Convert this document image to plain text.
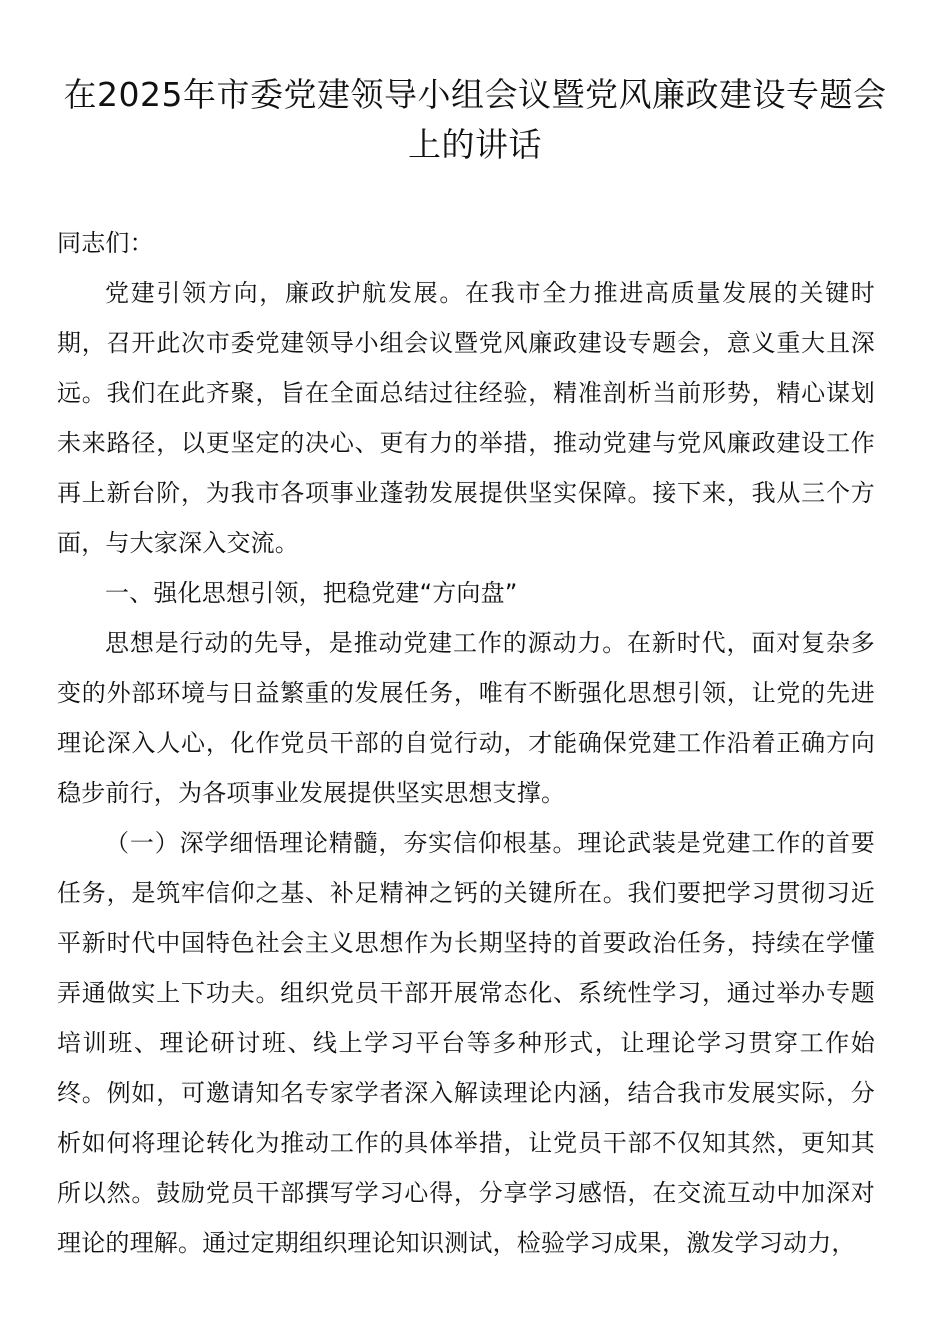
在2025年市委党建领导小组会议暨党风廉政建设专题会上的讲话

同志们：

党建引领方向，廉政护航发展。在我市全力推进高质量发展的关键时期，召开此次市委党建领导小组会议暨党风廉政建设专题会，意义重大且深远。我们在此齐聚，旨在全面总结过往经验，精准剖析当前形势，精心谋划未来路径，以更坚定的决心、更有力的举措，推动党建与党风廉政建设工作再上新台阶，为我市各项事业蓬勃发展提供坚实保障。接下来，我从三个方面，与大家深入交流。

一、强化思想引领，把稳党建“方向盘”

思想是行动的先导，是推动党建工作的源动力。在新时代，面对复杂多变的外部环境与日益繁重的发展任务，唯有不断强化思想引领，让党的先进理论深入人心，化作党员干部的自觉行动，才能确保党建工作沿着正确方向稳步前行，为各项事业发展提供坚实思想支撑。

（一）深学细悟理论精髓，夯实信仰根基。理论武装是党建工作的首要任务，是筑牢信仰之基、补足精神之钙的关键所在。我们要把学习贯彻习近平新时代中国特色社会主义思想作为长期坚持的首要政治任务，持续在学懂弄通做实上下功夫。组织党员干部开展常态化、系统性学习，通过举办专题培训班、理论研讨班、线上学习平台等多种形式，让理论学习贯穿工作始终。例如，可邀请知名专家学者深入解读理论内涵，结合我市发展实际，分析如何将理论转化为推动工作的具体举措，让党员干部不仅知其然，更知其所以然。鼓励党员干部撰写学习心得，分享学习感悟，在交流互动中加深对理论的理解。通过定期组织理论知识测试，检验学习成果，激发学习动力，
